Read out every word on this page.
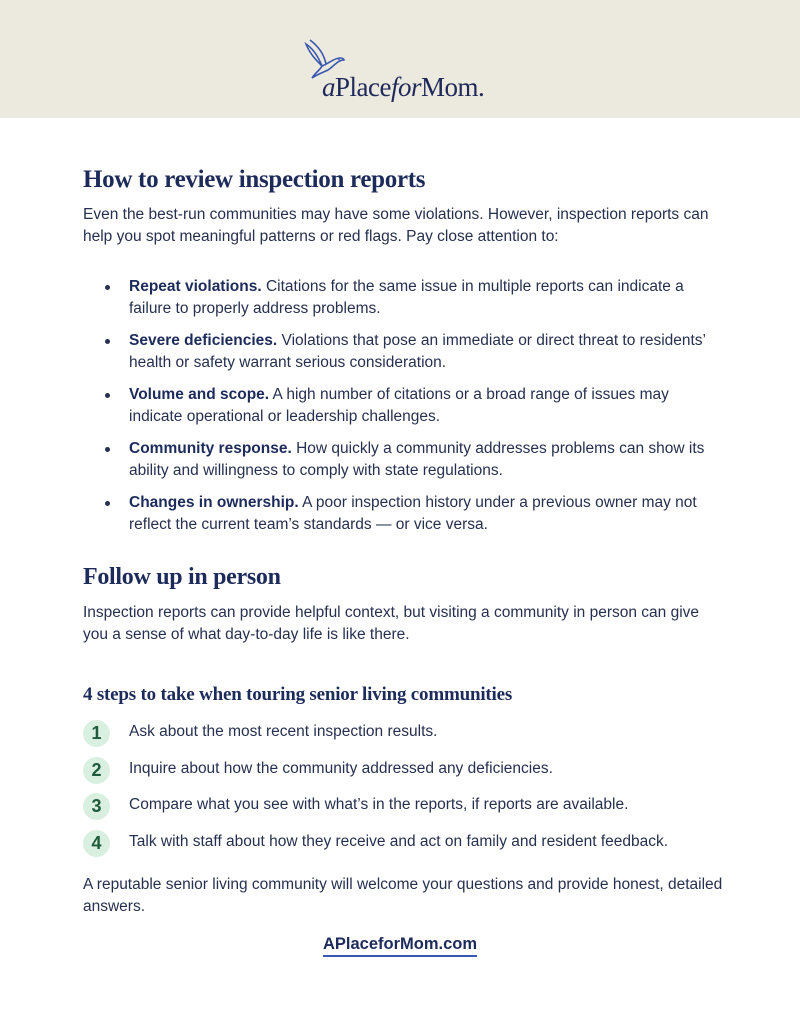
aPlaceforMom.
How to review inspection reports

Even the best-run communities may have some violations. However, inspection reports can help you spot meaningful patterns or red flags. Pay close attention to:

Repeat violations. Citations for the same issue in multiple reports can indicate a failure to properly address problems.
Severe deficiencies. Violations that pose an immediate or direct threat to residents’ health or safety warrant serious consideration.
Volume and scope. A high number of citations or a broad range of issues may indicate operational or leadership challenges.
Community response. How quickly a community addresses problems can show its ability and willingness to comply with state regulations.
Changes in ownership. A poor inspection history under a previous owner may not reflect the current team’s standards — or vice versa.
Follow up in person

Inspection reports can provide helpful context, but visiting a community in person can give you a sense of what day-to-day life is like there.

4 steps to take when touring senior living communities
1	Ask about the most recent inspection results.
2	Inquire about how the community addressed any deficiencies.
3	Compare what you see with what’s in the reports, if reports are available.
4	Talk with staff about how they receive and act on family and resident feedback.

A reputable senior living community will welcome your questions and provide honest, detailed answers.

APlaceforMom.com
